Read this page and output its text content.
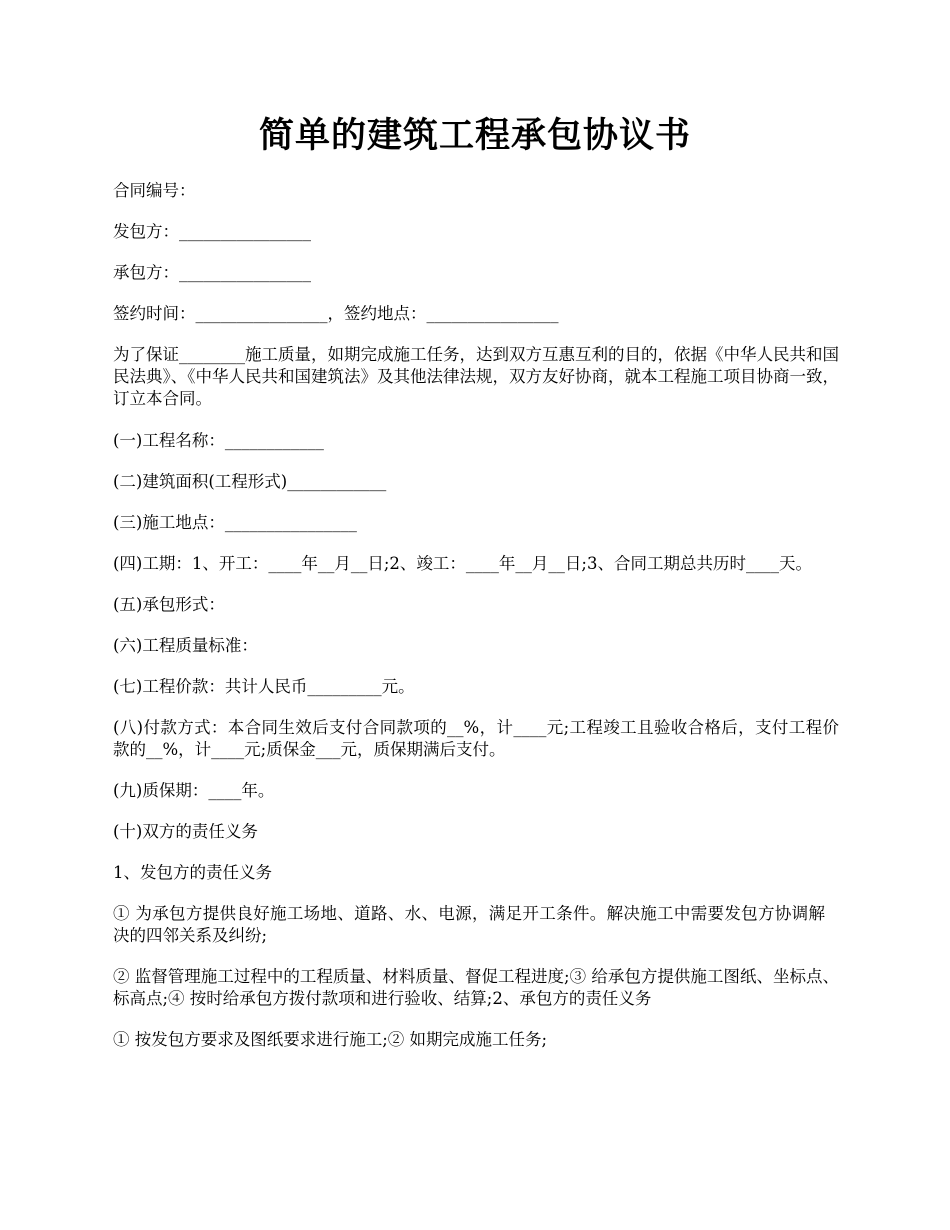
简单的建筑工程承包协议书

合同编号：

发包方：________________

承包方：________________

签约时间：________________，签约地点：________________

为了保证________施工质量，如期完成施工任务，达到双方互惠互利的目的，依据《中华人民共和国民法典》、《中华人民共和国建筑法》及其他法律法规，双方友好协商，就本工程施工项目协商一致，订立本合同。

(一)工程名称：____________

(二)建筑面积(工程形式)____________

(三)施工地点：________________

(四)工期：1、开工：____年__月__日;2、竣工：____年__月__日;3、合同工期总共历时____天。

(五)承包形式：

(六)工程质量标准：

(七)工程价款：共计人民币_________元。

(八)付款方式：本合同生效后支付合同款项的__%，计____元;工程竣工且验收合格后，支付工程价款的__%，计____元;质保金___元，质保期满后支付。

(九)质保期：____年。

(十)双方的责任义务

1、发包方的责任义务

① 为承包方提供良好施工场地、道路、水、电源，满足开工条件。解决施工中需要发包方协调解决的四邻关系及纠纷;

② 监督管理施工过程中的工程质量、材料质量、督促工程进度;③ 给承包方提供施工图纸、坐标点、标高点;④ 按时给承包方拨付款项和进行验收、结算;2、承包方的责任义务

① 按发包方要求及图纸要求进行施工;② 如期完成施工任务;
